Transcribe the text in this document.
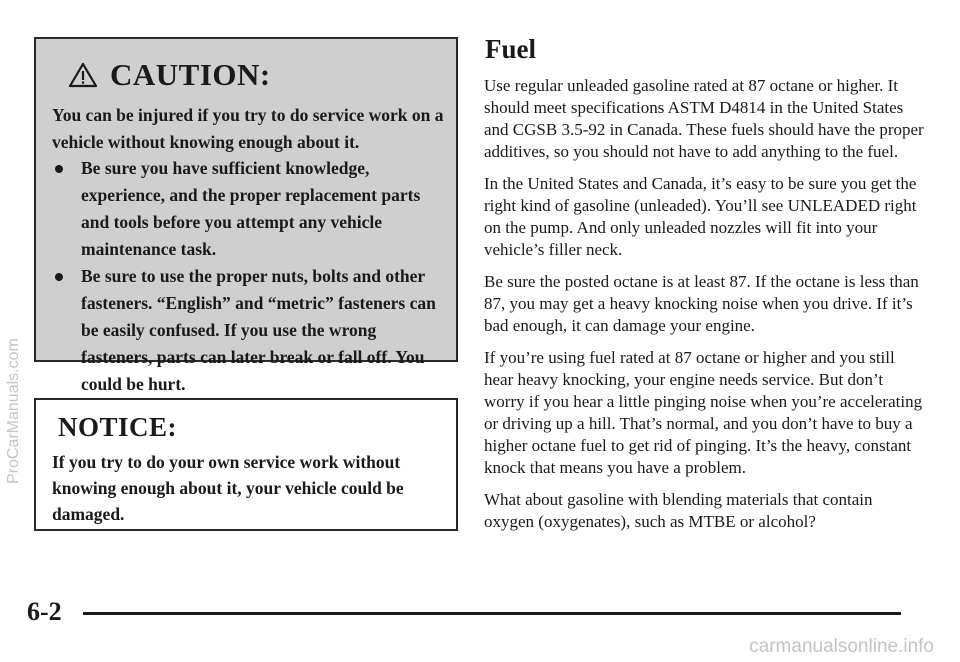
CAUTION:
You can be injured if you try to do service work on a vehicle without knowing enough about it.
Be sure you have sufficient knowledge, experience, and the proper replacement parts and tools before you attempt any vehicle maintenance task.
Be sure to use the proper nuts, bolts and other fasteners. “English” and “metric” fasteners can be easily confused. If you use the wrong fasteners, parts can later break or fall off. You could be hurt.
NOTICE:
If you try to do your own service work without knowing enough about it, your vehicle could be damaged.
Fuel

Use regular unleaded gasoline rated at 87 octane or higher. It should meet specifications ASTM D4814 in the United States and CGSB 3.5-92 in Canada. These fuels should have the proper additives, so you should not have to add anything to the fuel.

In the United States and Canada, it’s easy to be sure you get the right kind of gasoline (unleaded). You’ll see UNLEADED right on the pump. And only unleaded nozzles will fit into your vehicle’s filler neck.

Be sure the posted octane is at least 87. If the octane is less than 87, you may get a heavy knocking noise when you drive. If it’s bad enough, it can damage your engine.

If you’re using fuel rated at 87 octane or higher and you still hear heavy knocking, your engine needs service. But don’t worry if you hear a little pinging noise when you’re accelerating or driving up a hill. That’s normal, and you don’t have to buy a higher octane fuel to get rid of pinging. It’s the heavy, constant knock that means you have a problem.

What about gasoline with blending materials that contain oxygen (oxygenates), such as MTBE or alcohol?

6-2
ProCarManuals.com
carmanualsonline.info
